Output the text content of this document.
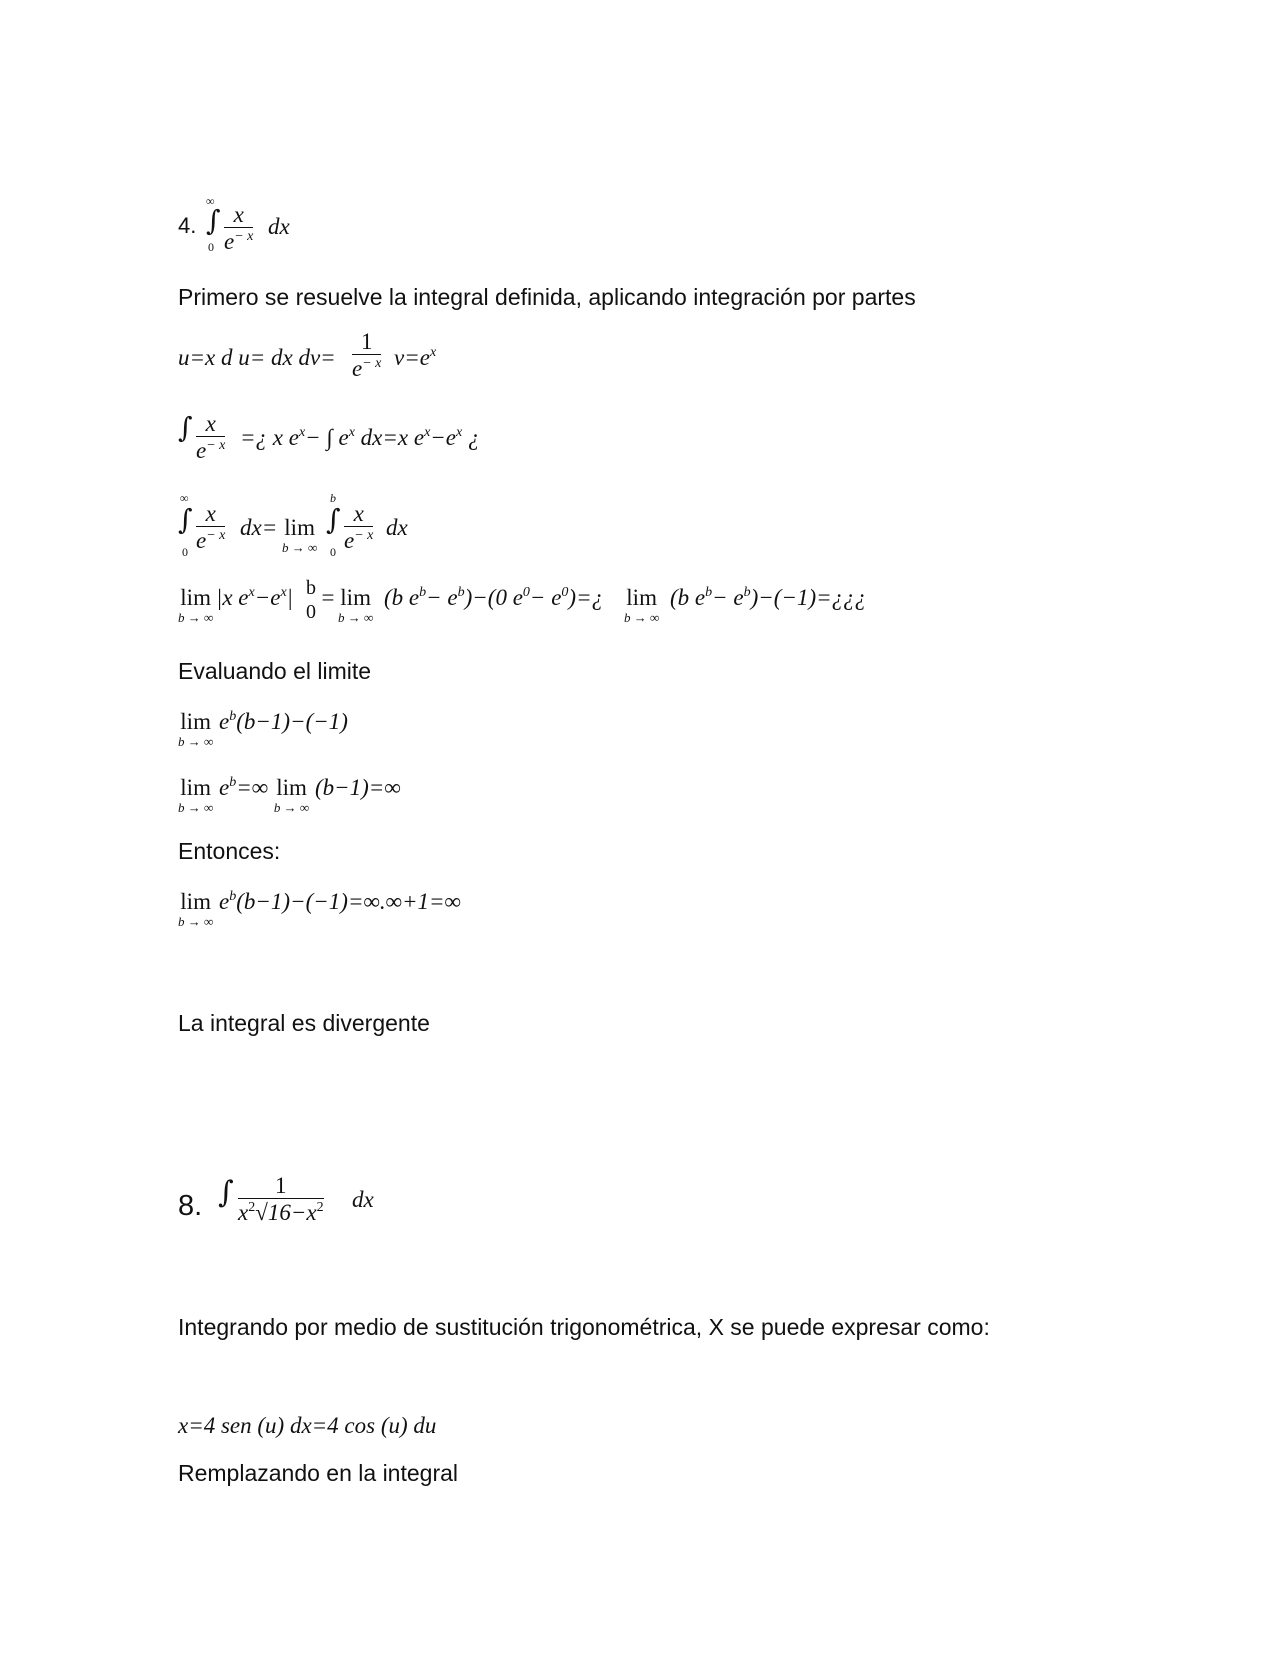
4.
∞
∫
$0 \frac{x}{e^{- x}}$ dx
Primero se resuelve la integral definida, aplicando integración por partes
u=x d u= dx $dv= \frac{1}{e^{- x}} v=e^x$
∫ $\frac{x}{e^{- x}}$ =¿ x $e^x-$ ∫ $e^x$ dx=x $e^x-e^x$ ¿
∞
∫
$0 \frac{x}{e^{- x}} dx= \lim$
b → ∞
b
∫
$0 \frac{x}{e^{- x}}$ dx
lim
b → ∞
|x $e^x-e^x|$ b
0
= lim
b → ∞
(b $e^b- e^b)-(0$ $e^0-$ $e^0)=¿$ lim
b → ∞
(b $e^b-$ $e^b)-(-1)=¿¿¿$
Evaluando el limite
lim
b → ∞
$e^b(b-1)-(-1)$
lim
b → ∞
$e^b=\infty$ lim
b → ∞
(b−1)=∞
Entonces:
lim
b → ∞
$e^b(b-1)-(-1)=\infty.\infty+1=\infty$
La integral es divergente
8. ∫ $\frac{1}{x^2√16-x^2}$ dx
Integrando por medio de sustitución trigonométrica, X se puede expresar como:
x=4 sen (u) dx=4 cos (u) du
Remplazando en la integral
